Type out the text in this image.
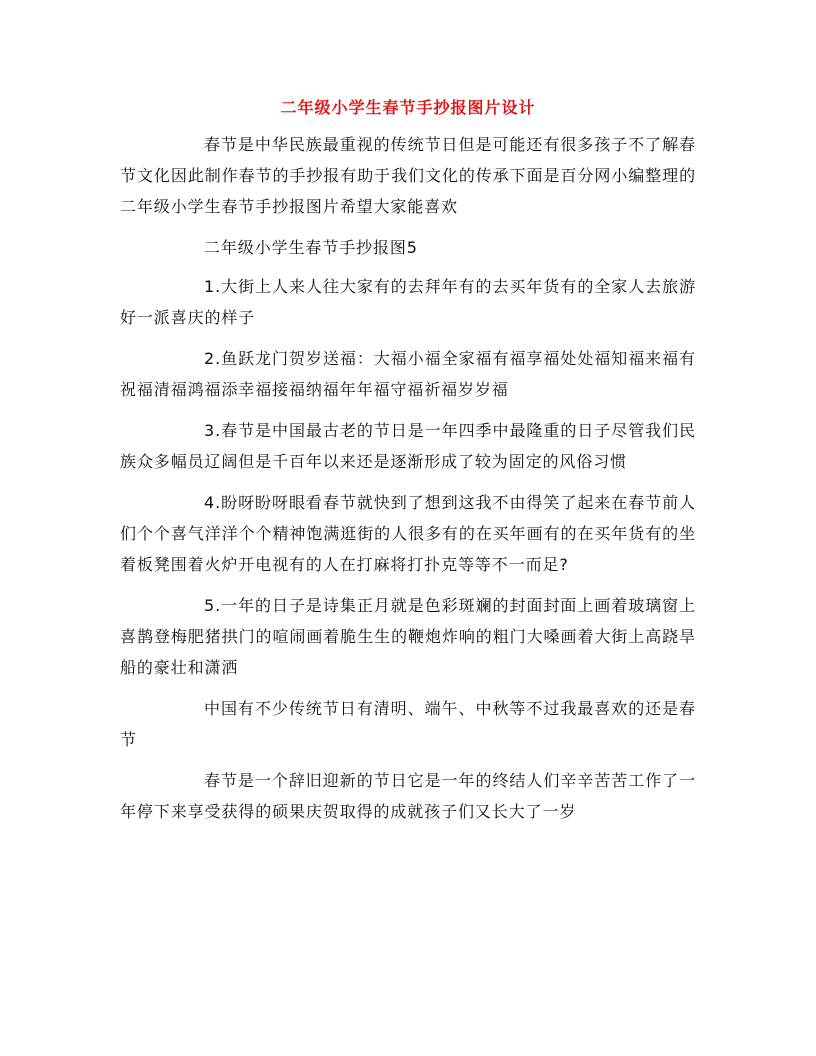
二年级小学生春节手抄报图片设计

春节是中华民族最重视的传统节日但是可能还有很多孩子不了解春节文化因此制作春节的手抄报有助于我们文化的传承下面是百分网小编整理的二年级小学生春节手抄报图片希望大家能喜欢

二年级小学生春节手抄报图5

1.大街上人来人往大家有的去拜年有的去买年货有的全家人去旅游好一派喜庆的样子

2.鱼跃龙门贺岁送福：大福小福全家福有福享福处处福知福来福有祝福清福鸿福添幸福接福纳福年年福守福祈福岁岁福

3.春节是中国最古老的节日是一年四季中最隆重的日子尽管我们民族众多幅员辽阔但是千百年以来还是逐渐形成了较为固定的风俗习惯

4.盼呀盼呀眼看春节就快到了想到这我不由得笑了起来在春节前人们个个喜气洋洋个个精神饱满逛街的人很多有的在买年画有的在买年货有的坐着板凳围着火炉开电视有的人在打麻将打扑克等等不一而足?

5.一年的日子是诗集正月就是色彩斑斓的封面封面上画着玻璃窗上喜鹊登梅肥猪拱门的喧闹画着脆生生的鞭炮炸响的粗门大嗓画着大街上高跷旱船的豪壮和潇洒

中国有不少传统节日有清明、端午、中秋等不过我最喜欢的还是春节

春节是一个辞旧迎新的节日它是一年的终结人们辛辛苦苦工作了一年停下来享受获得的硕果庆贺取得的成就孩子们又长大了一岁
